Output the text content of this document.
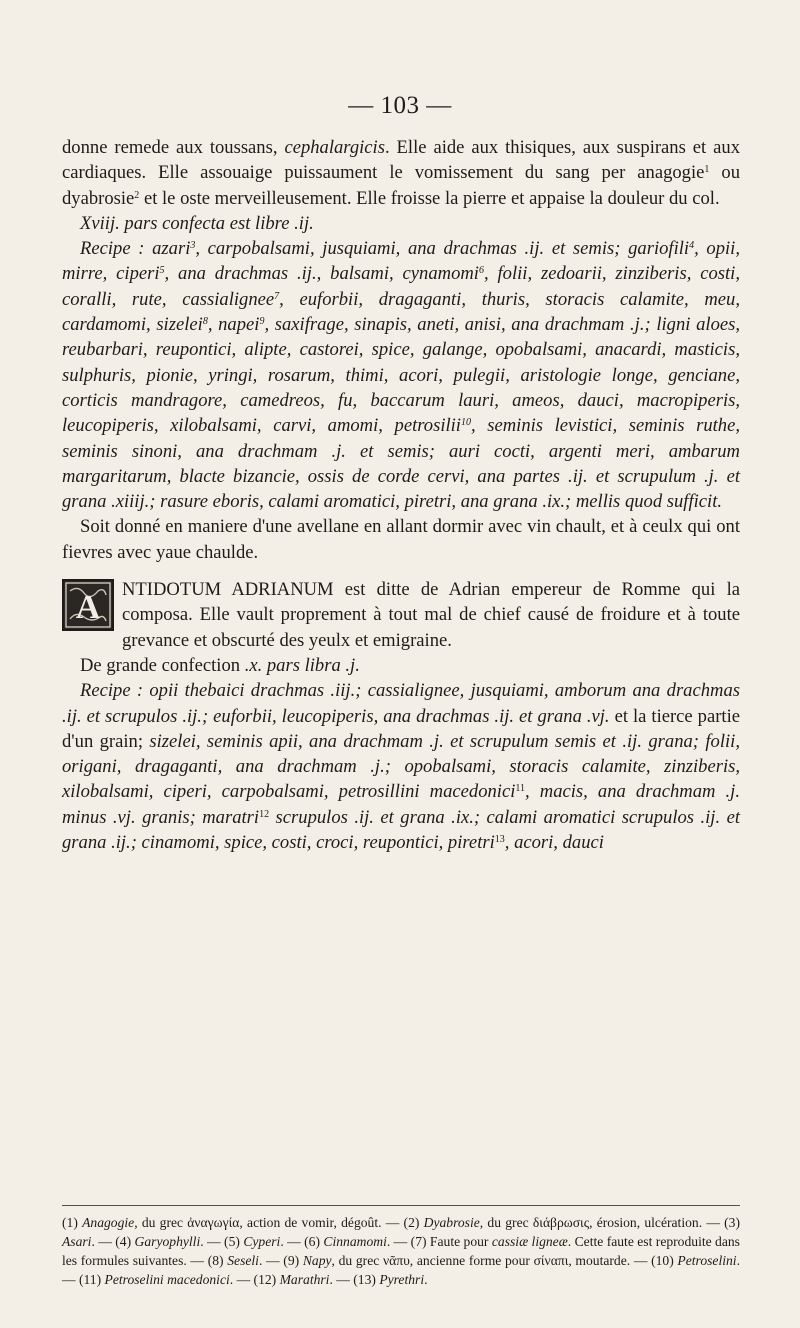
— 103 —

donne remede aux toussans, cephalargicis. Elle aide aux thisiques, aux suspirans et aux cardiaques. Elle assouaige puissaument le vomissement du sang per anagogie$^1$ ou dyabrosie$^2$ et le oste merveilleusement. Elle froisse la pierre et appaise la douleur du col.

Xviij. pars confecta est libre .ij.

Recipe : azari$^3$, carpobalsami, jusquiami, ana drachmas .ij. et semis; gariofili$^4$, opii, mirre, ciperi$^5$, ana drachmas .ij., balsami, cynamomi$^6$, folii, zedoarii, zinziberis, costi, coralli, rute, cassialignee$^7$, euforbii, dragaganti, thuris, storacis calamite, meu, cardamomi, sizelei$^8$, napei$^9$, saxifrage, sinapis, aneti, anisi, ana drachmam .j.; ligni aloes, reubarbari, reupontici, alipte, castorei, spice, galange, opobalsami, anacardi, masticis, sulphuris, pionie, yringi, rosarum, thimi, acori, pulegii, aristologie longe, genciane, corticis mandragore, camedreos, fu, baccarum lauri, ameos, dauci, macropiperis, leucopiperis, xilobalsami, carvi, amomi, petrosilii$^{10}$, seminis levistici, seminis ruthe, seminis sinoni, ana drachmam .j. et semis; auri cocti, argenti meri, ambarum margaritarum, blacte bizancie, ossis de corde cervi, ana partes .ij. et scrupulum .j. et grana .xiiij.; rasure eboris, calami aromatici, piretri, ana grana .ix.; mellis quod sufficit.

Soit donné en maniere d'une avellane en allant dormir avec vin chault, et à ceulx qui ont fievres avec yaue chaulde.

A NTIDOTUM ADRIANUM est ditte de Adrian empereur de Romme qui la composa. Elle vault proprement à tout mal de chief causé de froidure et à toute grevance et obscurté des yeulx et emigraine.

De grande confection .x. pars libra .j.

Recipe : opii thebaici drachmas .iij.; cassialignee, jusquiami, amborum ana drachmas .ij. et scrupulos .ij.; euforbii, leucopiperis, ana drachmas .ij. et grana .vj. et la tierce partie d'un grain; sizelei, seminis apii, ana drachmam .j. et scrupulum semis et .ij. grana; folii, origani, dragaganti, ana drachmam .j.; opobalsami, storacis calamite, zinziberis, xilobalsami, ciperi, carpobalsami, petrosillini macedonici$^{11}$, macis, ana drachmam .j. minus .vj. granis; maratri$^{12}$ scrupulos .ij. et grana .ix.; calami aromatici scrupulos .ij. et grana .ij.; cinamomi, spice, costi, croci, reupontici, piretri$^{13}$, acori, dauci

(1) Anagogie, du grec ἀναγωγία, action de vomir, dégoût. — (2) Dyabrosie, du grec διάβρωσις, érosion, ulcération. — (3) Asari. — (4) Garyophylli. — (5) Cyperi. — (6) Cinnamomi. — (7) Faute pour cassiæ ligneæ. Cette faute est reproduite dans les formules suivantes. — (8) Seseli. — (9) Napy, du grec νᾶπυ, ancienne forme pour σίναπι, moutarde. — (10) Petroselini. — (11) Petroselini macedonici. — (12) Marathri. — (13) Pyrethri.
